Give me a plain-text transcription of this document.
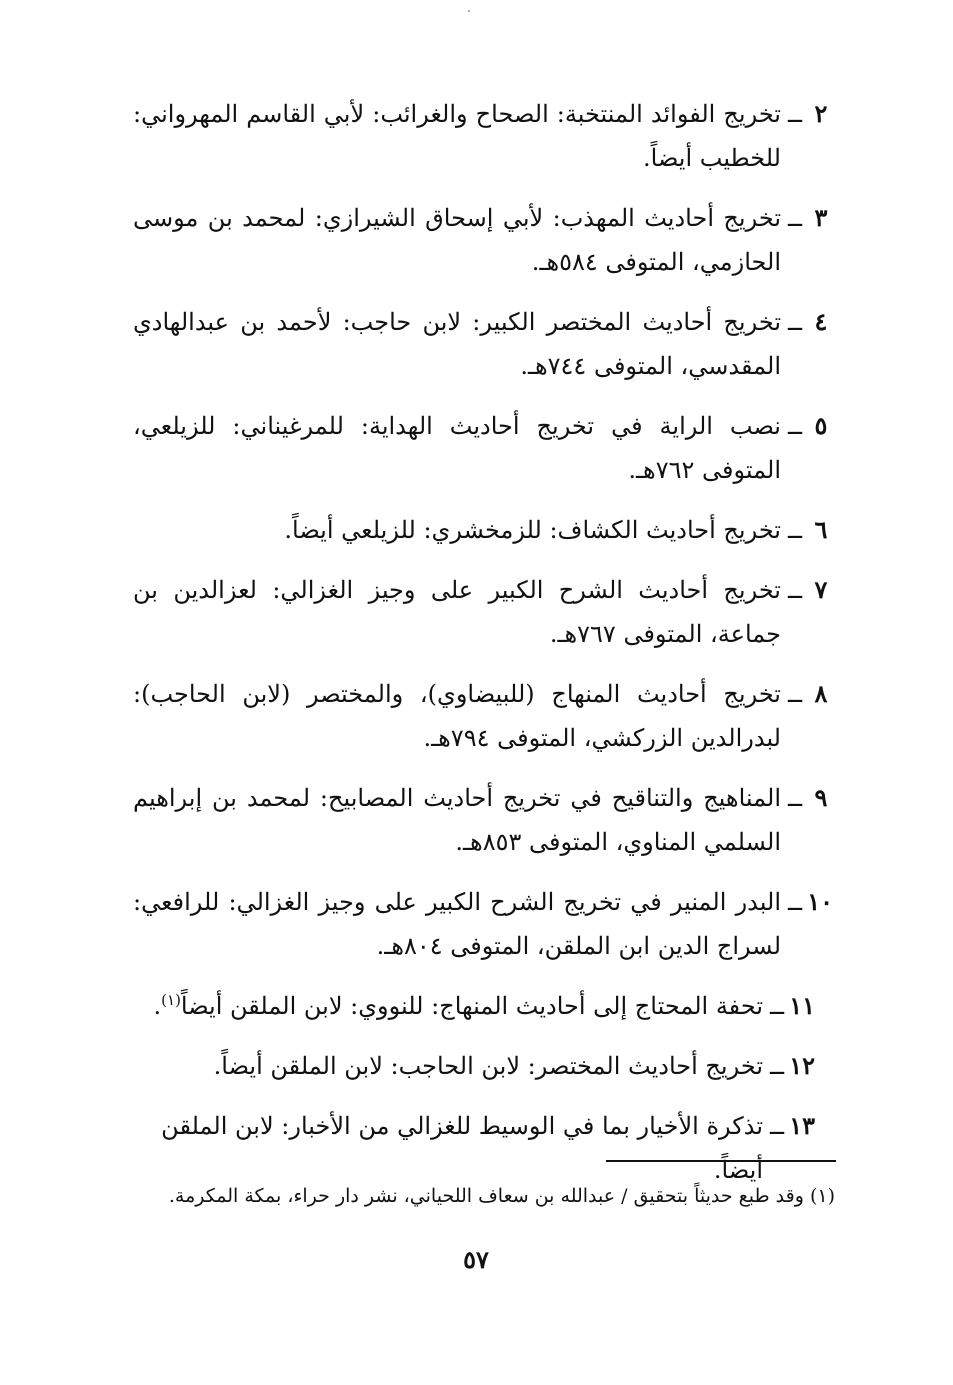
٢
ــ
تخريج الفوائد المنتخبة: الصحاح والغرائب: لأبي القاسم المهرواني: للخطيب أيضاً.
٣
ــ
تخريج أحاديث المهذب: لأبي إسحاق الشيرازي: لمحمد بن موسى الحازمي، المتوفى ٥٨٤هـ.
٤
ــ
تخريج أحاديث المختصر الكبير: لابن حاجب: لأحمد بن عبدالهادي المقدسي، المتوفى ٧٤٤هـ.
٥
ــ
نصب الراية في تخريج أحاديث الهداية: للمرغيناني: للزيلعي، المتوفى ٧٦٢هـ.
٦
ــ
تخريج أحاديث الكشاف: للزمخشري: للزيلعي أيضاً.
٧
ــ
تخريج أحاديث الشرح الكبير على وجيز الغزالي: لعزالدين بن جماعة، المتوفى ٧٦٧هـ.
٨
ــ
تخريج أحاديث المنهاج (للبيضاوي)، والمختصر (لابن الحاجب): لبدرالدين الزركشي، المتوفى ٧٩٤هـ.
٩
ــ
المناهيج والتناقيح في تخريج أحاديث المصابيح: لمحمد بن إبراهيم السلمي المناوي، المتوفى ٨٥٣هـ.
١٠
ــ
البدر المنير في تخريج الشرح الكبير على وجيز الغزالي: للرافعي: لسراج الدين ابن الملقن، المتوفى ٨٠٤هـ.
١١
ــ
تحفة المحتاج إلى أحاديث المنهاج: للنووي: لابن الملقن أيضاً$^{(١)}$.
١٢
ــ
تخريج أحاديث المختصر: لابن الحاجب: لابن الملقن أيضاً.
١٣
ــ
تذكرة الأخيار بما في الوسيط للغزالي من الأخبار: لابن الملقن أيضاً.
(١) وقد طبع حديثاً بتحقيق / عبدالله بن سعاف اللحياني، نشر دار حراء، بمكة المكرمة.
٥٧
